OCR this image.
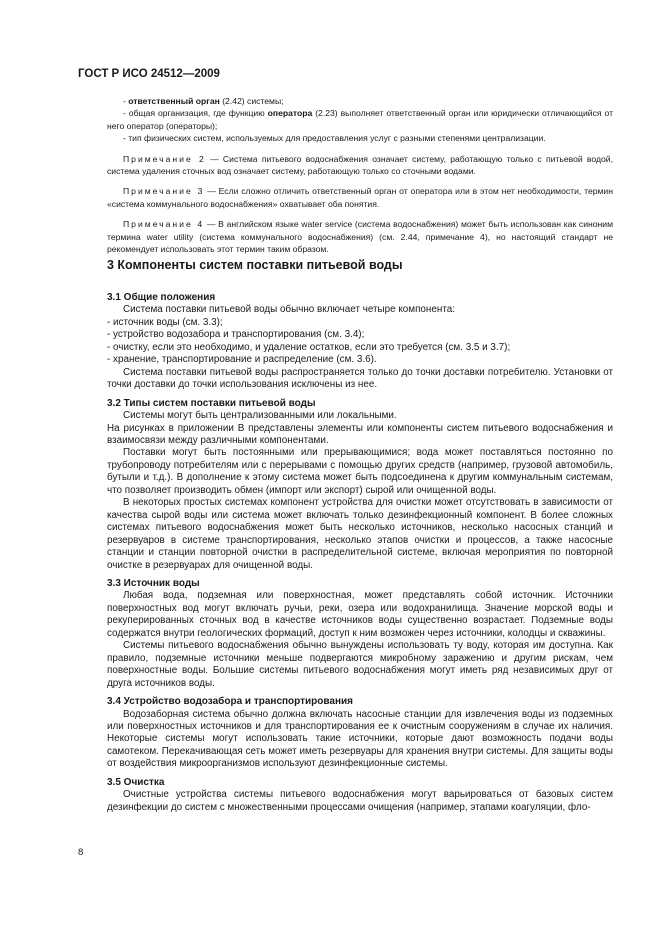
ГОСТ Р ИСО 24512—2009

- ответственный орган (2.42) системы;

- общая организация, где функцию оператора (2.23) выполняет ответственный орган или юридически отличающийся от него оператор (операторы);

- тип физических систем, используемых для предоставления услуг с разными степенями централизации.

Примечание 2 — Система питьевого водоснабжения означает систему, работающую только с питьевой водой, система удаления сточных вод означает систему, работающую только со сточными водами.

Примечание 3 — Если сложно отличить ответственный орган от оператора или в этом нет необходимости, термин «система коммунального водоснабжения» охватывает оба понятия.

Примечание 4 — В английском языке water service (система водоснабжения) может быть использован как синоним термина water utility (система коммунального водоснабжения) (см. 2.44, примечание 4), но настоящий стандарт не рекомендует использовать этот термин таким образом.

3 Компоненты систем поставки питьевой воды

3.1 Общие положения

Система поставки питьевой воды обычно включает четыре компонента:

- источник воды (см. 3.3);

- устройство водозабора и транспортирования (см. 3.4);

- очистку, если это необходимо, и удаление остатков, если это требуется (см. 3.5 и 3.7);

- хранение, транспортирование и распределение (см. 3.6).

Система поставки питьевой воды распространяется только до точки доставки потребителю. Установки от точки доставки до точки использования исключены из нее.

3.2 Типы систем поставки питьевой воды

Системы могут быть централизованными или локальными.

На рисунках в приложении В представлены элементы или компоненты систем питьевого водоснабжения и взаимосвязи между различными компонентами.

Поставки могут быть постоянными или прерывающимися; вода может поставляться постоянно по трубопроводу потребителям или с перерывами с помощью других средств (например, грузовой автомобиль, бутыли и т.д.). В дополнение к этому система может быть подсоединена к другим коммунальным системам, что позволяет производить обмен (импорт или экспорт) сырой или очищенной воды.

В некоторых простых системах компонент устройства для очистки может отсутствовать в зависимости от качества сырой воды или система может включать только дезинфекционный компонент. В более сложных системах питьевого водоснабжения может быть несколько источников, несколько насосных станций и резервуаров в системе транспортирования, несколько этапов очистки и процессов, а также насосные станции и станции повторной очистки в распределительной системе, включая мероприятия по повторной очистке в резервуарах для очищенной воды.

3.3 Источник воды

Любая вода, подземная или поверхностная, может представлять собой источник. Источники поверхностных вод могут включать ручьи, реки, озера или водохранилища. Значение морской воды и рекуперированных сточных вод в качестве источников воды существенно возрастает. Подземные воды содержатся внутри геологических формаций, доступ к ним возможен через источники, колодцы и скважины.

Системы питьевого водоснабжения обычно вынуждены использовать ту воду, которая им доступна. Как правило, подземные источники меньше подвергаются микробному заражению и другим рискам, чем поверхностные воды. Большие системы питьевого водоснабжения могут иметь ряд независимых друг от друга источников воды.

3.4 Устройство водозабора и транспортирования

Водозаборная система обычно должна включать насосные станции для извлечения воды из подземных или поверхностных источников и для транспортирования ее к очистным сооружениям в случае их наличия. Некоторые системы могут использовать такие источники, которые дают возможность подачи воды самотеком. Перекачивающая сеть может иметь резервуары для хранения внутри системы. Для защиты воды от воздействия микроорганизмов используют дезинфекционные системы.

3.5 Очистка

Очистные устройства системы питьевого водоснабжения могут варьироваться от базовых систем дезинфекции до систем с множественными процессами очищения (например, этапами коагуляции, фло-

8
